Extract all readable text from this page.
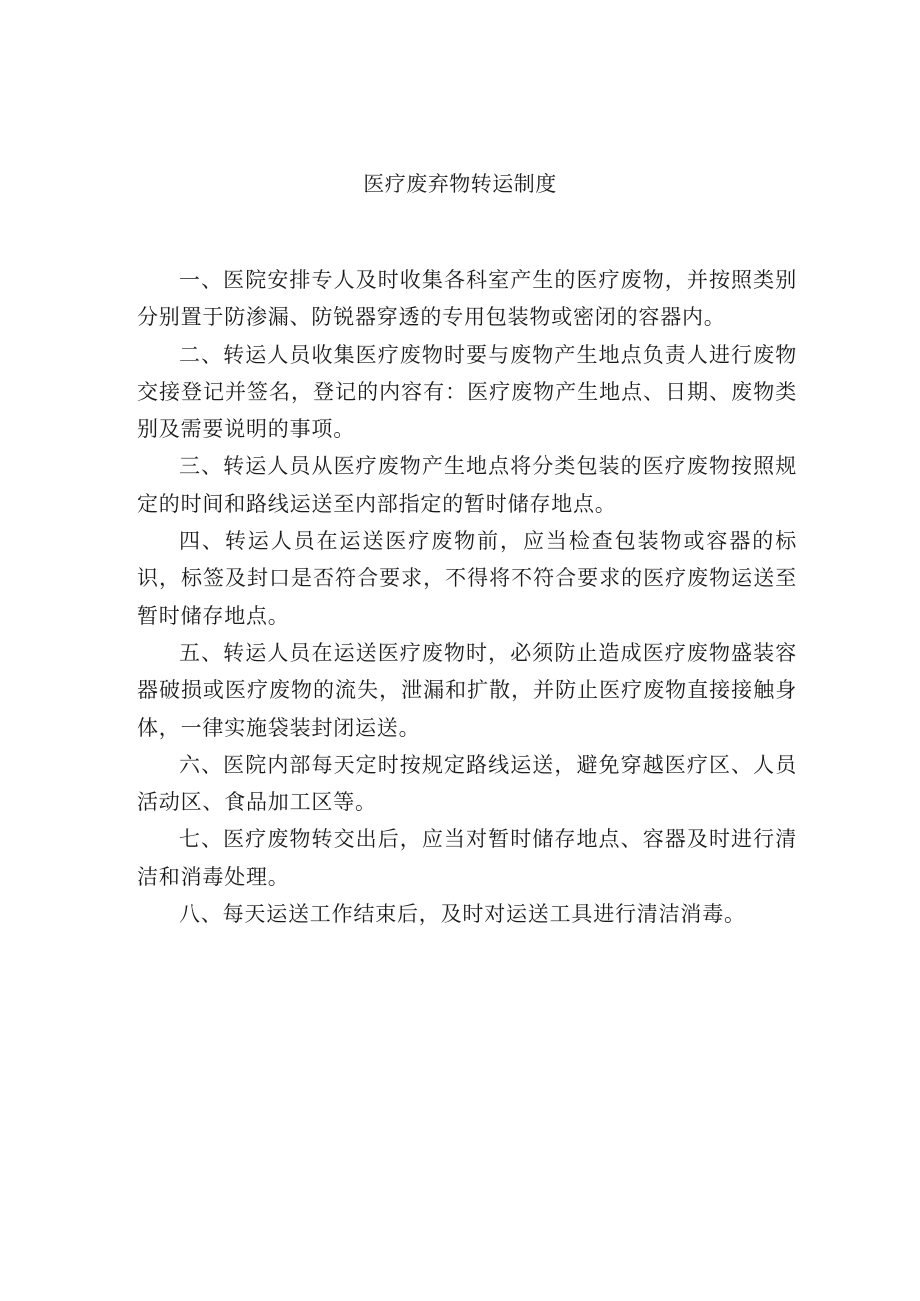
医疗废弃物转运制度

一、医院安排专人及时收集各科室产生的医疗废物，并按照类别分别置于防渗漏、防锐器穿透的专用包装物或密闭的容器内。

二、转运人员收集医疗废物时要与废物产生地点负责人进行废物交接登记并签名，登记的内容有：医疗废物产生地点、日期、废物类别及需要说明的事项。

三、转运人员从医疗废物产生地点将分类包装的医疗废物按照规定的时间和路线运送至内部指定的暂时储存地点。

四、转运人员在运送医疗废物前，应当检查包装物或容器的标识，标签及封口是否符合要求，不得将不符合要求的医疗废物运送至暂时储存地点。

五、转运人员在运送医疗废物时，必须防止造成医疗废物盛装容器破损或医疗废物的流失，泄漏和扩散，并防止医疗废物直接接触身体，一律实施袋装封闭运送。

六、医院内部每天定时按规定路线运送，避免穿越医疗区、人员活动区、食品加工区等。

七、医疗废物转交出后，应当对暂时储存地点、容器及时进行清洁和消毒处理。

八、每天运送工作结束后，及时对运送工具进行清洁消毒。
